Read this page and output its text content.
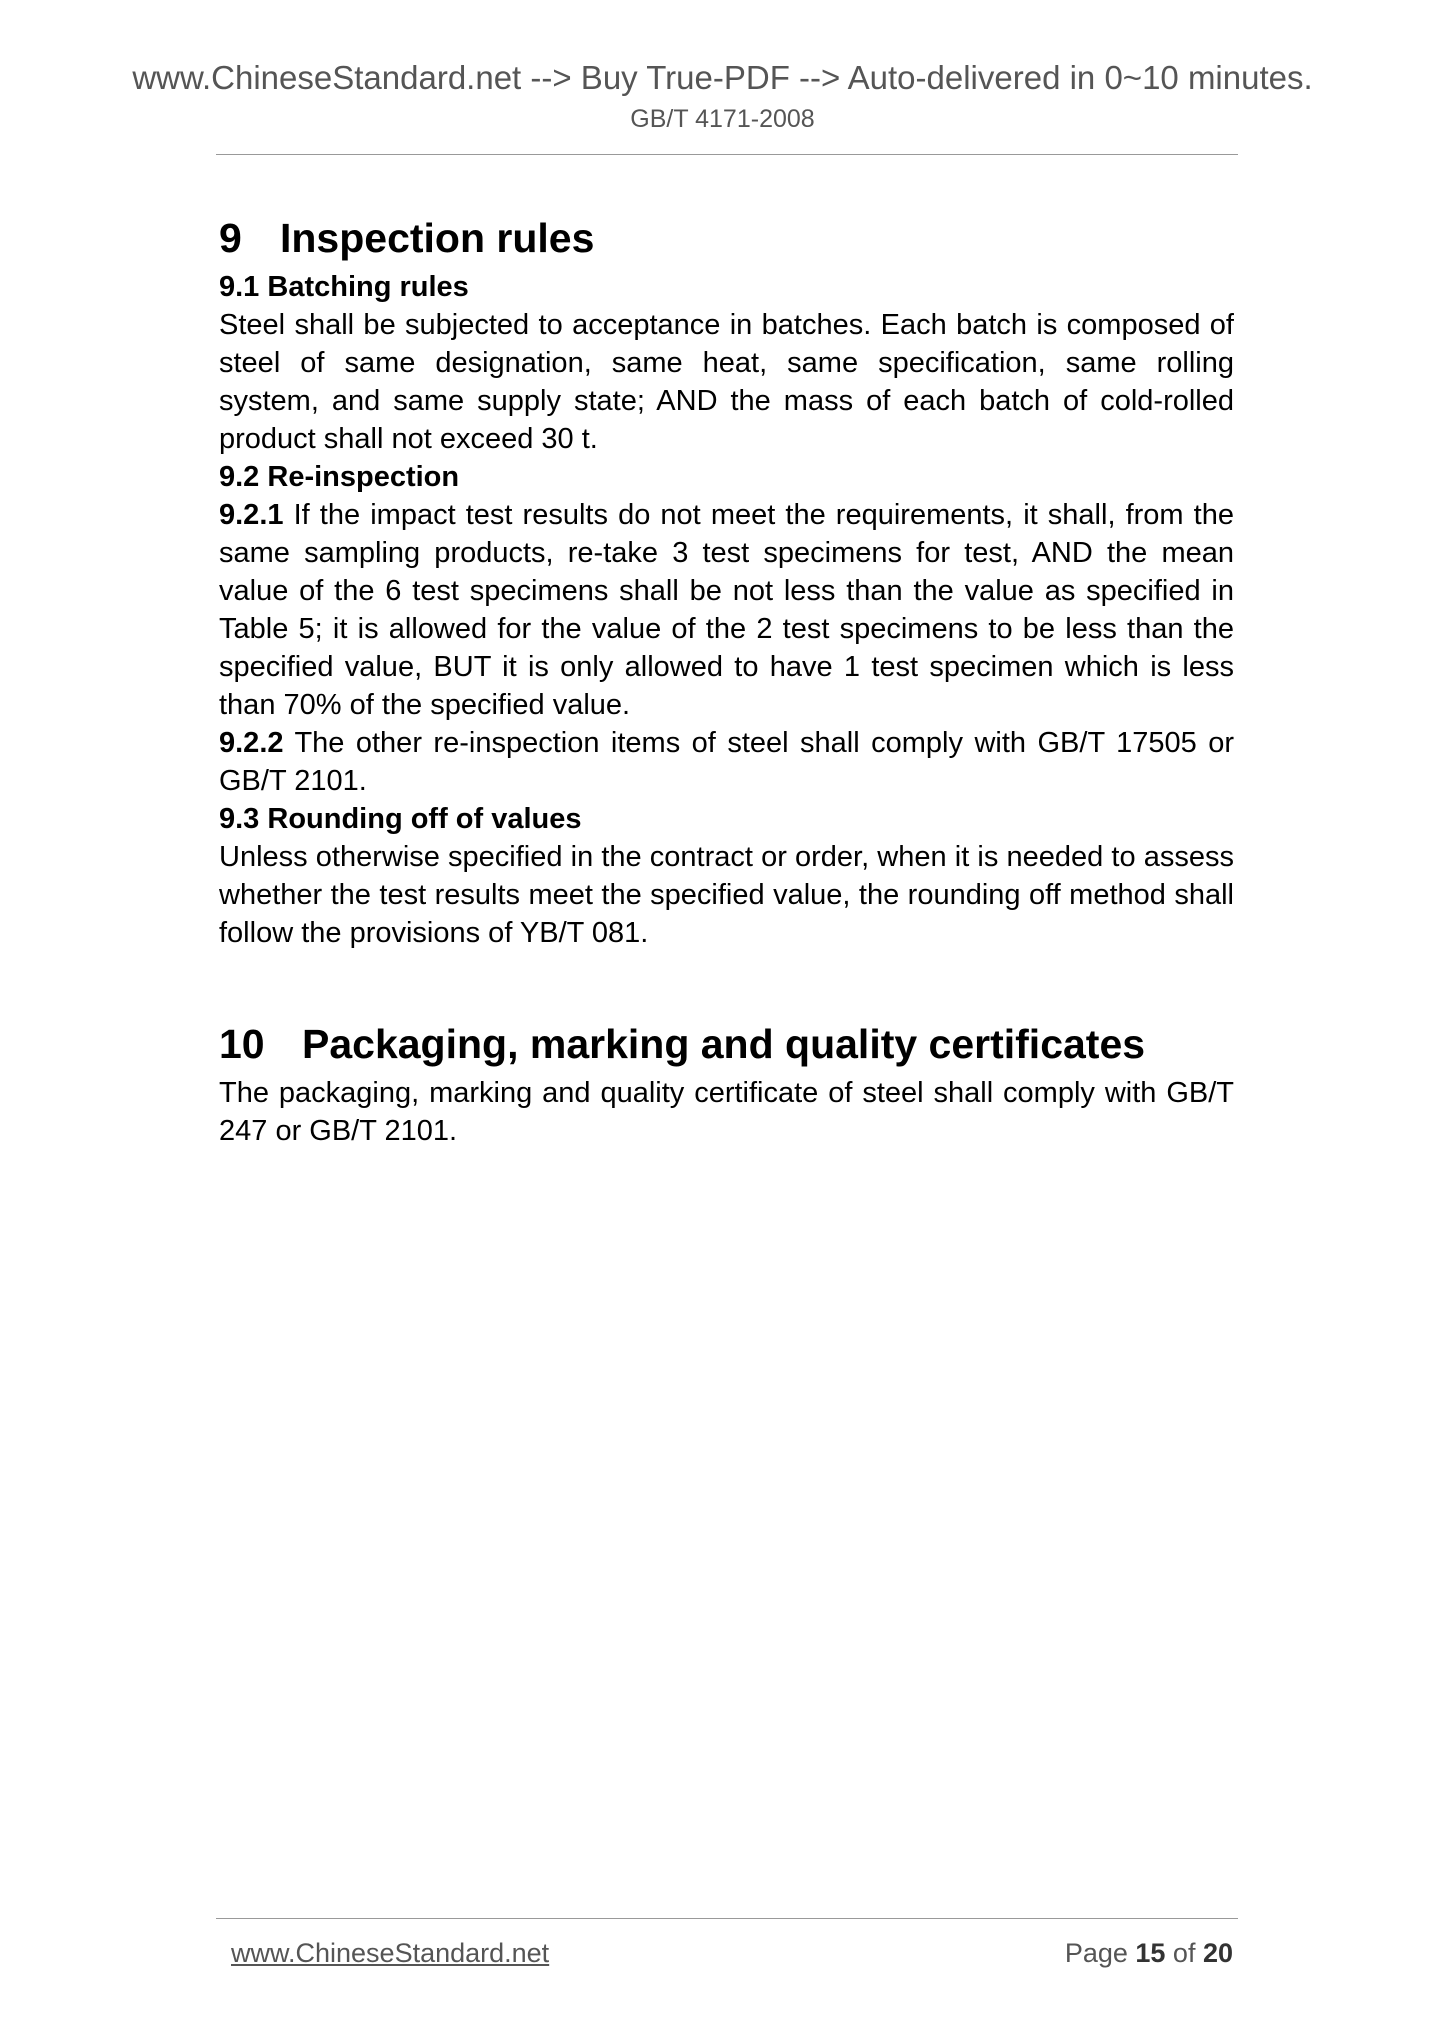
www.ChineseStandard.net --> Buy True-PDF --> Auto-delivered in 0~10 minutes.
GB/T 4171-2008
9 Inspection rules
9.1 Batching rules

Steel shall be subjected to acceptance in batches. Each batch is composed of steel of same designation, same heat, same specification, same rolling system, and same supply state; AND the mass of each batch of cold-rolled product shall not exceed 30 t.

9.2 Re-inspection

9.2.1 If the impact test results do not meet the requirements, it shall, from the same sampling products, re-take 3 test specimens for test, AND the mean value of the 6 test specimens shall be not less than the value as specified in Table 5; it is allowed for the value of the 2 test specimens to be less than the specified value, BUT it is only allowed to have 1 test specimen which is less than 70% of the specified value.

9.2.2 The other re-inspection items of steel shall comply with GB/T 17505 or GB/T 2101.

9.3 Rounding off of values

Unless otherwise specified in the contract or order, when it is needed to assess whether the test results meet the specified value, the rounding off method shall follow the provisions of YB/T 081.

10 Packaging, marking and quality certificates

The packaging, marking and quality certificate of steel shall comply with GB/T 247 or GB/T 2101.

www.ChineseStandard.net	Page 15 of 20
